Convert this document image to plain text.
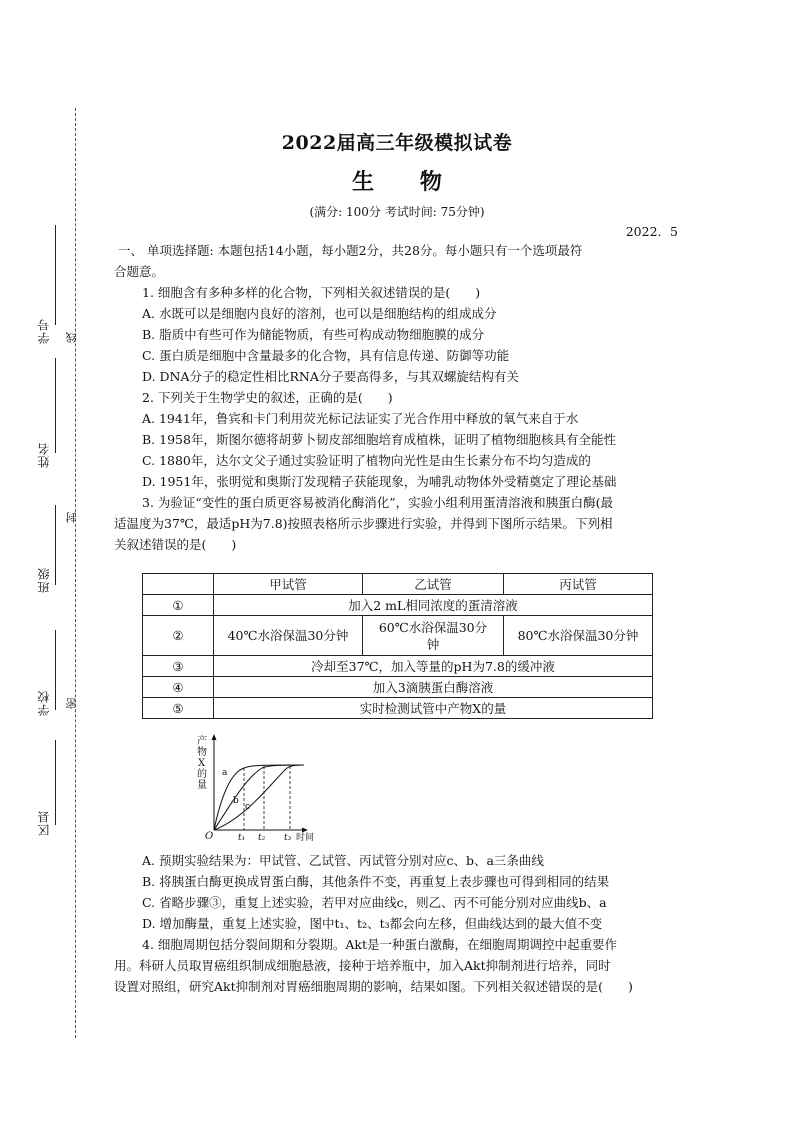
学号 线
姓名
封
班级
学校 密
区县
2022届高三年级模拟试卷
生 物
(满分: 100分 考试时间: 75分钟)
2022．5
一、 单项选择题: 本题包括14小题，每小题2分，共28分。每小题只有一个选项最符
合题意。
1. 细胞含有多种多样的化合物，下列相关叙述错误的是(　　)
A. 水既可以是细胞内良好的溶剂，也可以是细胞结构的组成成分
B. 脂质中有些可作为储能物质，有些可构成动物细胞膜的成分
C. 蛋白质是细胞中含量最多的化合物，具有信息传递、防御等功能
D. DNA分子的稳定性相比RNA分子要高得多，与其双螺旋结构有关
2. 下列关于生物学史的叙述，正确的是(　　)
A. 1941年，鲁宾和卡门利用荧光标记法证实了光合作用中释放的氧气来自于水
B. 1958年，斯图尔德将胡萝卜韧皮部细胞培育成植株，证明了植物细胞核具有全能性
C. 1880年，达尔文父子通过实验证明了植物向光性是由生长素分布不均匀造成的
D. 1951年，张明觉和奥斯汀发现精子获能现象，为哺乳动物体外受精奠定了理论基础
3. 为验证“变性的蛋白质更容易被消化酶消化”，实验小组利用蛋清溶液和胰蛋白酶(最
适温度为37℃，最适pH为7.8)按照表格所示步骤进行实验，并得到下图所示结果。下列相
关叙述错误的是(　　)
	甲试管	乙试管	丙试管
①	加入2 mL相同浓度的蛋清溶液		
②	40℃水浴保温30分钟	60℃水浴保温30分
钟	80℃水浴保温30分钟
③	冷却至37℃，加入等量的pH为7.8的缓冲液		
④	加入3滴胰蛋白酶溶液		
⑤	实时检测试管中产物X的量		
产
物
X
的
量
O	时间
a
b
c
t₁ t₂ t₃
A. 预期实验结果为：甲试管、乙试管、丙试管分别对应c、b、a三条曲线
B. 将胰蛋白酶更换成胃蛋白酶，其他条件不变，再重复上表步骤也可得到相同的结果
C. 省略步骤③，重复上述实验，若甲对应曲线c，则乙、丙不可能分别对应曲线b、a
D. 增加酶量，重复上述实验，图中t₁、t₂、t₃都会向左移，但曲线达到的最大值不变
4. 细胞周期包括分裂间期和分裂期。Akt是一种蛋白激酶，在细胞周期调控中起重要作
用。科研人员取胃癌组织制成细胞悬液，接种于培养瓶中，加入Akt抑制剂进行培养，同时
设置对照组，研究Akt抑制剂对胃癌细胞周期的影响，结果如图。下列相关叙述错误的是(　　)
